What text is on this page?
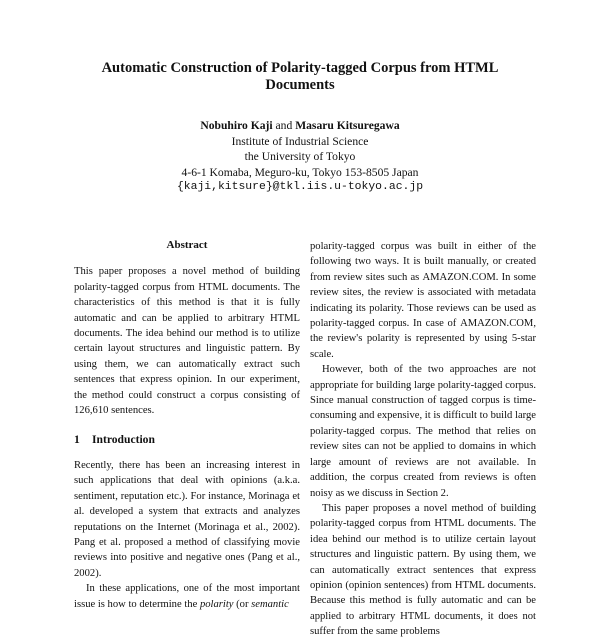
Automatic Construction of Polarity-tagged Corpus from HTML Documents
Nobuhiro Kaji and Masaru Kitsuregawa
Institute of Industrial Science
the University of Tokyo
4-6-1 Komaba, Meguro-ku, Tokyo 153-8505 Japan
{kaji,kitsure}@tkl.iis.u-tokyo.ac.jp
Abstract

This paper proposes a novel method of building polarity-tagged corpus from HTML documents. The characteristics of this method is that it is fully automatic and can be applied to arbitrary HTML documents. The idea behind our method is to utilize certain layout structures and linguistic pattern. By using them, we can automatically extract such sentences that express opinion. In our experiment, the method could construct a corpus consisting of 126,610 sentences.

1 Introduction

Recently, there has been an increasing interest in such applications that deal with opinions (a.k.a. sentiment, reputation etc.). For instance, Morinaga et al. developed a system that extracts and analyzes reputations on the Internet (Morinaga et al., 2002). Pang et al. proposed a method of classifying movie reviews into positive and negative ones (Pang et al., 2002).

In these applications, one of the most important issue is how to determine the polarity (or semantic

polarity-tagged corpus was built in either of the following two ways. It is built manually, or created from review sites such as AMAZON.COM. In some review sites, the review is associated with metadata indicating its polarity. Those reviews can be used as polarity-tagged corpus. In case of AMAZON.COM, the review's polarity is represented by using 5-star scale.

However, both of the two approaches are not appropriate for building large polarity-tagged corpus. Since manual construction of tagged corpus is time-consuming and expensive, it is difficult to build large polarity-tagged corpus. The method that relies on review sites can not be applied to domains in which large amount of reviews are not available. In addition, the corpus created from reviews is often noisy as we discuss in Section 2.

This paper proposes a novel method of building polarity-tagged corpus from HTML documents. The idea behind our method is to utilize certain layout structures and linguistic pattern. By using them, we can automatically extract sentences that express opinion (opinion sentences) from HTML documents. Because this method is fully automatic and can be applied to arbitrary HTML documents, it does not suffer from the same problems
